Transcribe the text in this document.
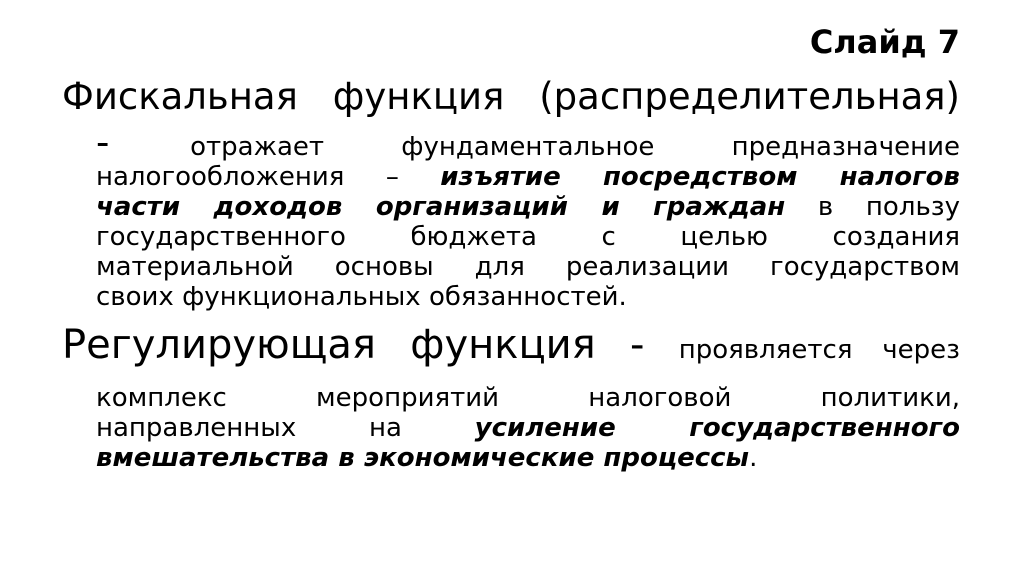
Слайд 7
Фискальная функция (распределительная)
- отражает фундаментальное предназначение
налогообложения – изъятие посредством налогов
части доходов организаций и граждан в пользу
государственного бюджета с целью создания
материальной основы для реализации государством
своих функциональных обязанностей.
Регулирующая функция - проявляется через
комплекс мероприятий налоговой политики,
направленных на усиление государственного
вмешательства в экономические процессы.
